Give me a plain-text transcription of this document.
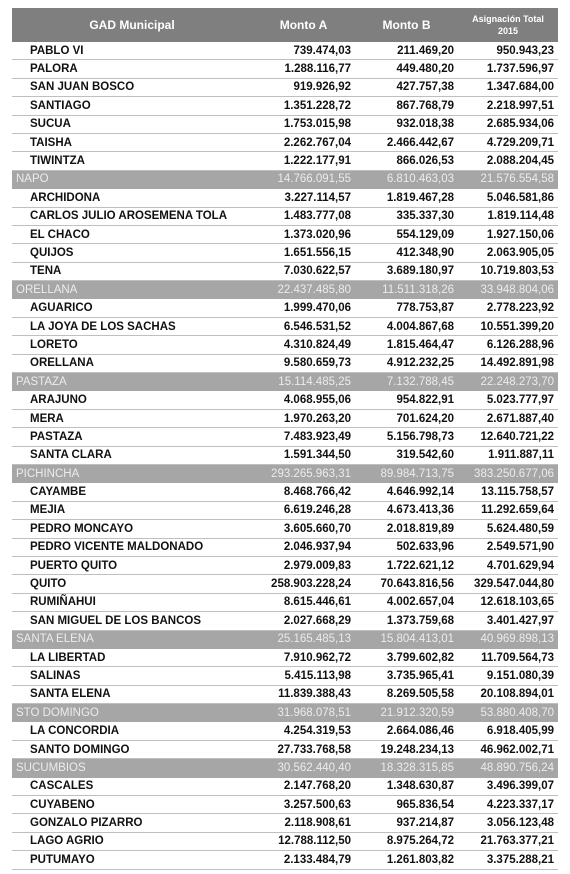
GAD Municipal	Monto A	Monto B	Asignación Total 2015
PABLO VI	739.474,03	211.469,20	950.943,23
PALORA	1.288.116,77	449.480,20	1.737.596,97
SAN JUAN BOSCO	919.926,92	427.757,38	1.347.684,00
SANTIAGO	1.351.228,72	867.768,79	2.218.997,51
SUCUA	1.753.015,98	932.018,38	2.685.934,06
TAISHA	2.262.767,04	2.466.442,67	4.729.209,71
TIWINTZA	1.222.177,91	866.026,53	2.088.204,45
NAPO	14.766.091,55	6.810.463,03	21.576.554,58
ARCHIDONA	3.227.114,57	1.819.467,28	5.046.581,86
CARLOS JULIO AROSEMENA TOLA	1.483.777,08	335.337,30	1.819.114,48
EL CHACO	1.373.020,96	554.129,09	1.927.150,06
QUIJOS	1.651.556,15	412.348,90	2.063.905,05
TENA	7.030.622,57	3.689.180,97	10.719.803,53
ORELLANA	22.437.485,80	11.511.318,26	33.948.804,06
AGUARICO	1.999.470,06	778.753,87	2.778.223,92
LA JOYA DE LOS SACHAS	6.546.531,52	4.004.867,68	10.551.399,20
LORETO	4.310.824,49	1.815.464,47	6.126.288,96
ORELLANA	9.580.659,73	4.912.232,25	14.492.891,98
PASTAZA	15.114.485,25	7.132.788,45	22.248.273,70
ARAJUNO	4.068.955,06	954.822,91	5.023.777,97
MERA	1.970.263,20	701.624,20	2.671.887,40
PASTAZA	7.483.923,49	5.156.798,73	12.640.721,22
SANTA CLARA	1.591.344,50	319.542,60	1.911.887,11
PICHINCHA	293.265.963,31	89.984.713,75	383.250.677,06
CAYAMBE	8.468.766,42	4.646.992,14	13.115.758,57
MEJIA	6.619.246,28	4.673.413,36	11.292.659,64
PEDRO MONCAYO	3.605.660,70	2.018.819,89	5.624.480,59
PEDRO VICENTE MALDONADO	2.046.937,94	502.633,96	2.549.571,90
PUERTO QUITO	2.979.009,83	1.722.621,12	4.701.629,94
QUITO	258.903.228,24	70.643.816,56	329.547.044,80
RUMIÑAHUI	8.615.446,61	4.002.657,04	12.618.103,65
SAN MIGUEL DE LOS BANCOS	2.027.668,29	1.373.759,68	3.401.427,97
SANTA ELENA	25.165.485,13	15.804.413,01	40.969.898,13
LA LIBERTAD	7.910.962,72	3.799.602,82	11.709.564,73
SALINAS	5.415.113,98	3.735.965,41	9.151.080,39
SANTA ELENA	11.839.388,43	8.269.505,58	20.108.894,01
STO DOMINGO	31.968.078,51	21.912.320,59	53.880.408,70
LA CONCORDIA	4.254.319,53	2.664.086,46	6.918.405,99
SANTO DOMINGO	27.733.768,58	19.248.234,13	46.962.002,71
SUCUMBIOS	30.562.440,40	18.328.315,85	48.890.756,24
CASCALES	2.147.768,20	1.348.630,87	3.496.399,07
CUYABENO	3.257.500,63	965.836,54	4.223.337,17
GONZALO PIZARRO	2.118.908,61	937.214,87	3.056.123,48
LAGO AGRIO	12.788.112,50	8.975.264,72	21.763.377,21
PUTUMAYO	2.133.484,79	1.261.803,82	3.375.288,21
